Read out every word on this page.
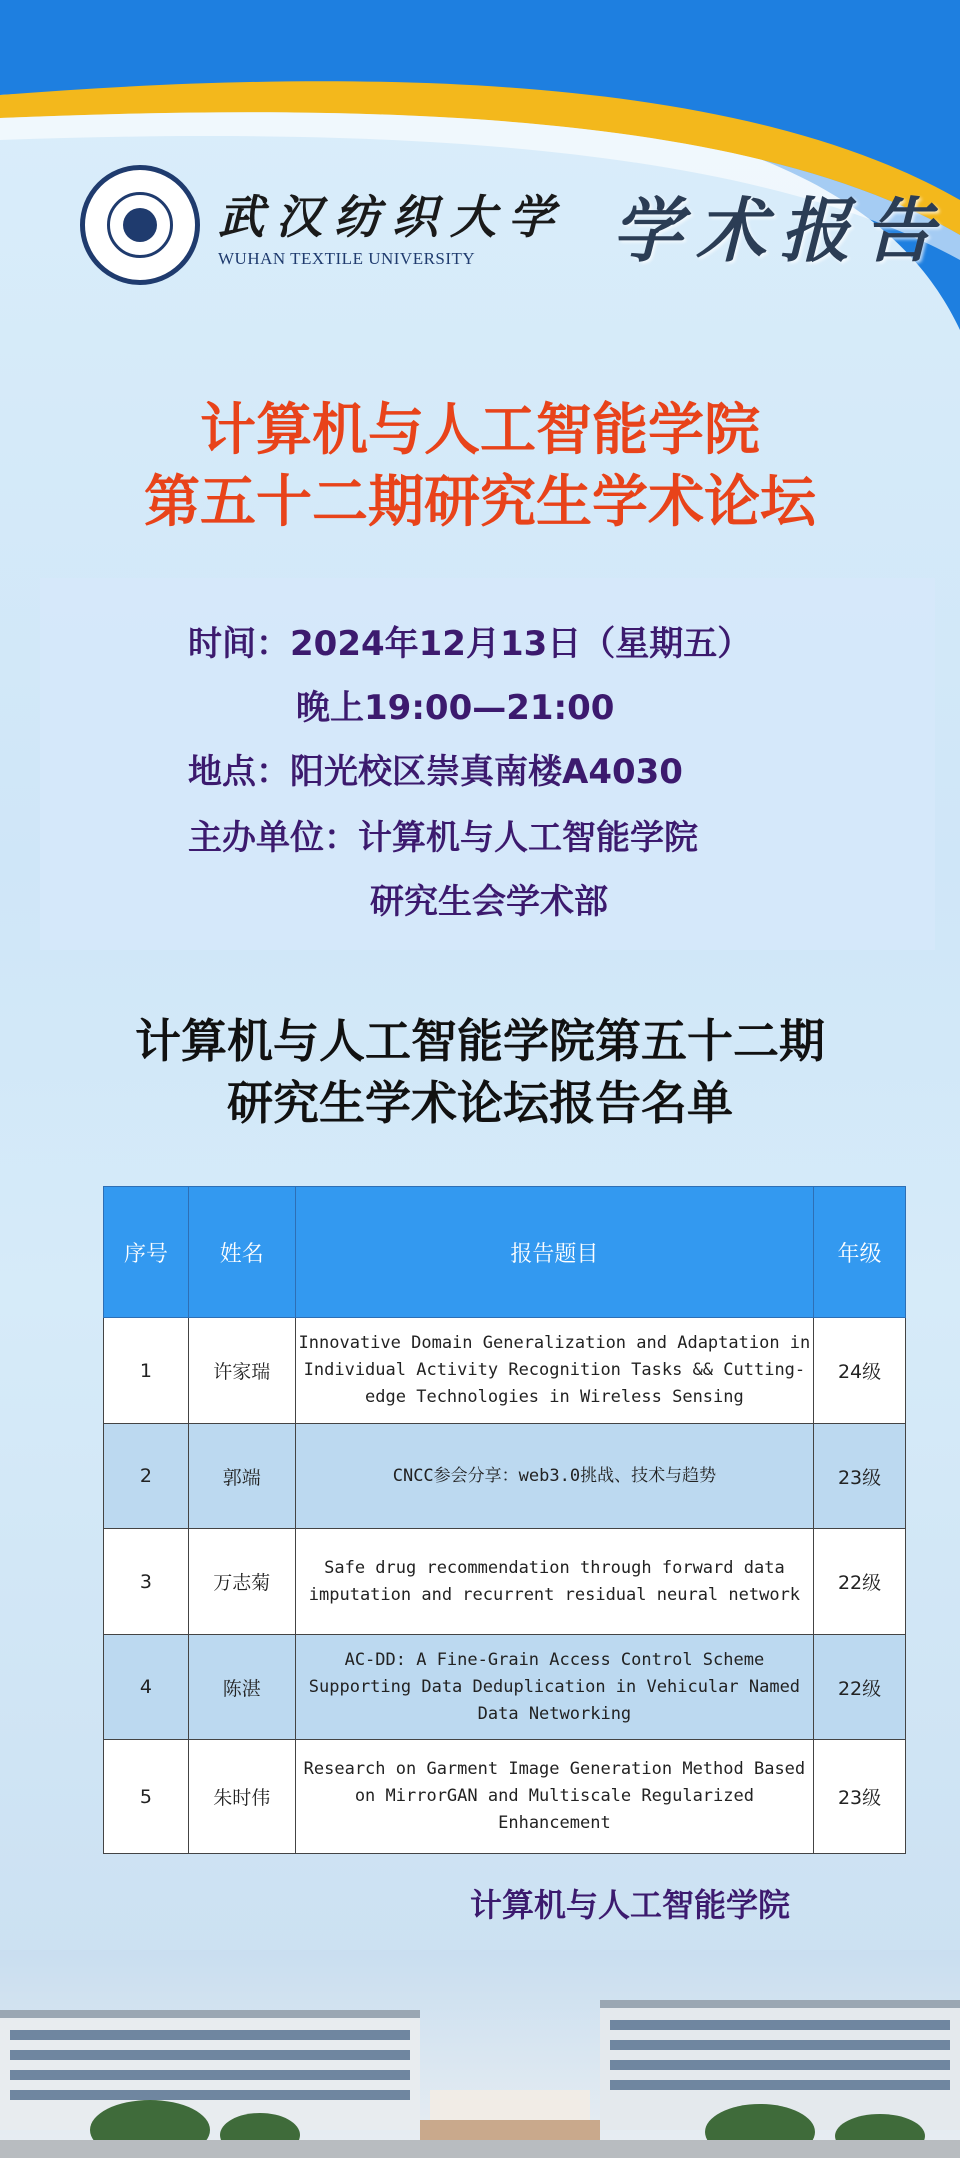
武汉纺织大学
WUHAN TEXTILE UNIVERSITY	学术报告
计算机与人工智能学院
第五十二期研究生学术论坛
时间：2024年12月13日（星期五）
晚上19:00—21:00
地点：阳光校区崇真南楼A4030
主办单位：计算机与人工智能学院
研究生会学术部
计算机与人工智能学院第五十二期
研究生学术论坛报告名单
序号	姓名	报告题目	年级
1	许家瑞	Innovative Domain Generalization and Adaptation in Individual Activity Recognition Tasks && Cutting-edge Technologies in Wireless Sensing	24级
2	郭端	CNCC参会分享：web3.0挑战、技术与趋势	23级
3	万志菊	Safe drug recommendation through forward data imputation and recurrent residual neural network	22级
4	陈湛	AC-DD: A Fine-Grain Access Control Scheme Supporting Data Deduplication in Vehicular Named Data Networking	22级
5	朱时伟	Research on Garment Image Generation Method Based on MirrorGAN and Multiscale Regularized Enhancement	23级
计算机与人工智能学院
